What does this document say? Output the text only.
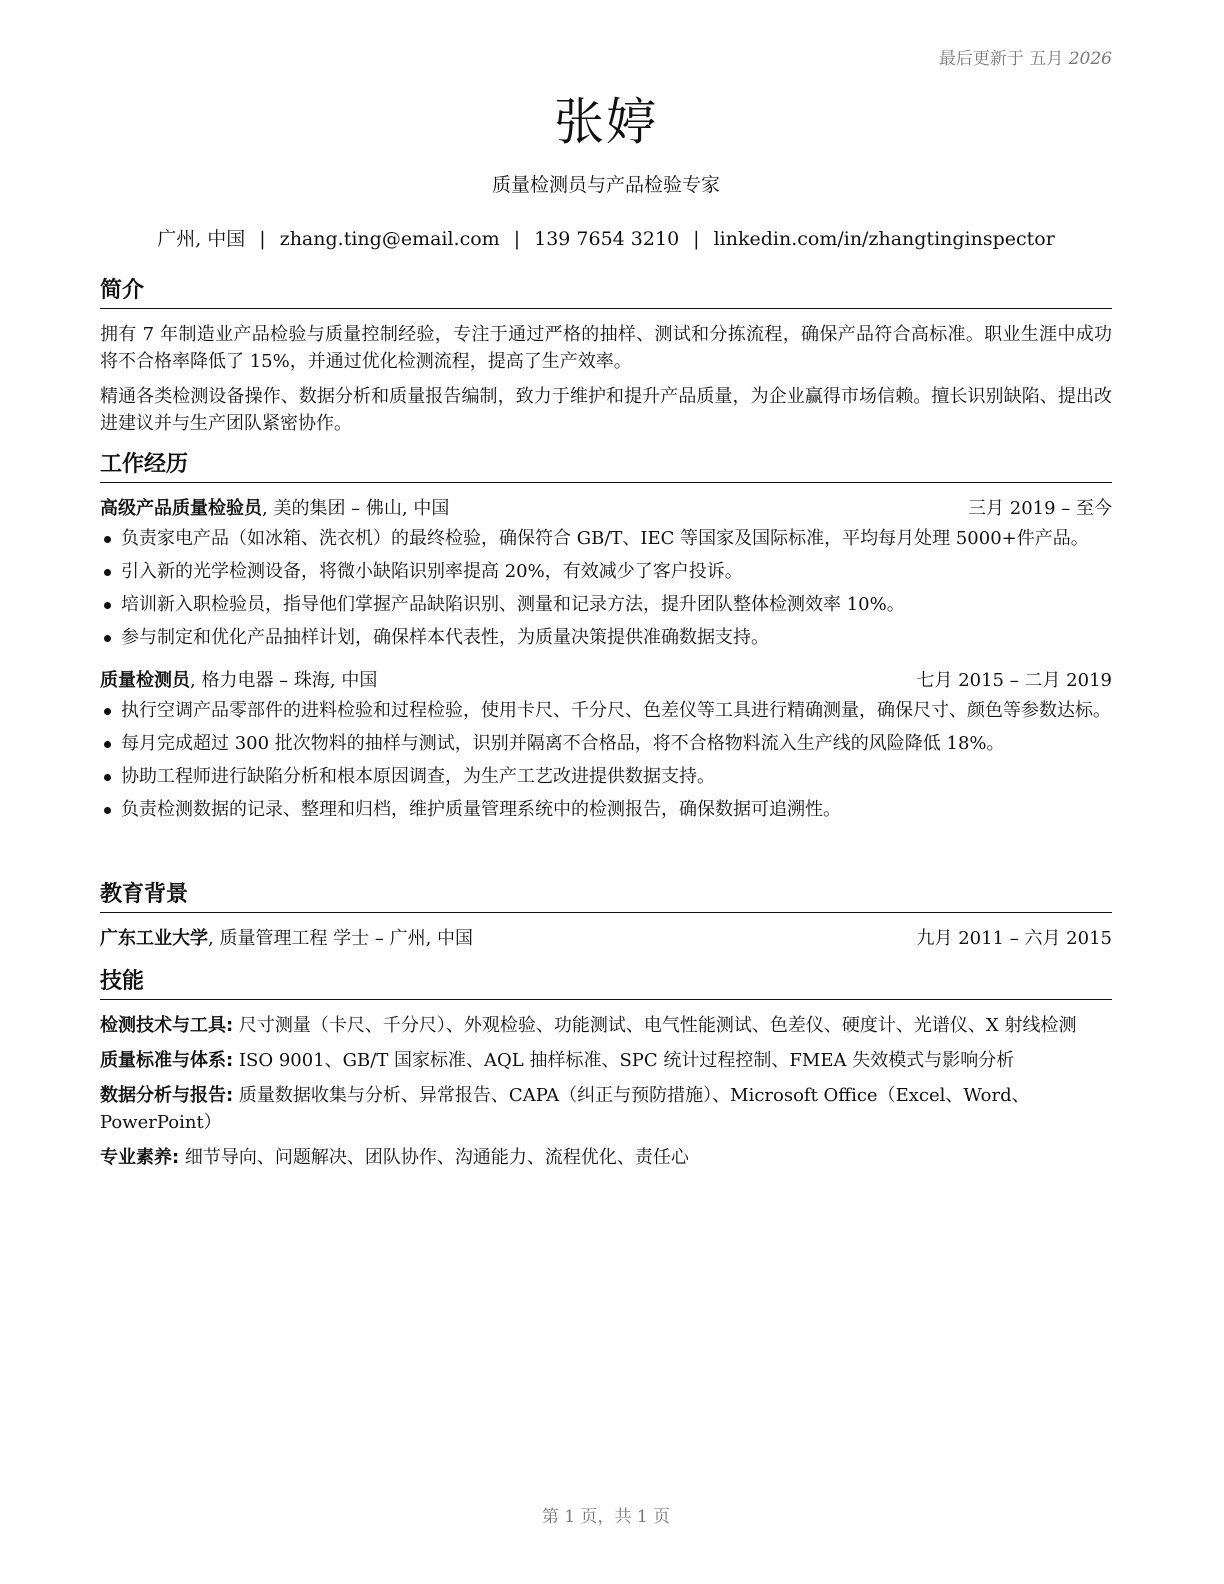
最后更新于 五月 2026
张婷
质量检测员与产品检验专家
广州, 中国 | zhang.ting@email.com | 139 7654 3210 | linkedin.com/in/zhangtinginspector
简介

拥有 7 年制造业产品检验与质量控制经验，专注于通过严格的抽样、测试和分拣流程，确保产品符合高标准。职业生涯中成功将不合格率降低了 15%，并通过优化检测流程，提高了生产效率。

精通各类检测设备操作、数据分析和质量报告编制，致力于维护和提升产品质量，为企业赢得市场信赖。擅长识别缺陷、提出改进建议并与生产团队紧密协作。

工作经历
高级产品质量检验员, 美的集团 – 佛山, 中国	三月 2019 – 至今
负责家电产品（如冰箱、洗衣机）的最终检验，确保符合 GB/T、IEC 等国家及国际标准，平均每月处理 5000+件产品。
引入新的光学检测设备，将微小缺陷识别率提高 20%，有效减少了客户投诉。
培训新入职检验员，指导他们掌握产品缺陷识别、测量和记录方法，提升团队整体检测效率 10%。
参与制定和优化产品抽样计划，确保样本代表性，为质量决策提供准确数据支持。
质量检测员, 格力电器 – 珠海, 中国	七月 2015 – 二月 2019
执行空调产品零部件的进料检验和过程检验，使用卡尺、千分尺、色差仪等工具进行精确测量，确保尺寸、颜色等参数达标。
每月完成超过 300 批次物料的抽样与测试，识别并隔离不合格品，将不合格物料流入生产线的风险降低 18%。
协助工程师进行缺陷分析和根本原因调查，为生产工艺改进提供数据支持。
负责检测数据的记录、整理和归档，维护质量管理系统中的检测报告，确保数据可追溯性。
教育背景
广东工业大学, 质量管理工程 学士 – 广州, 中国	九月 2011 – 六月 2015
技能
检测技术与工具: 尺寸测量（卡尺、千分尺）、外观检验、功能测试、电气性能测试、色差仪、硬度计、光谱仪、X 射线检测
质量标准与体系: ISO 9001、GB/T 国家标准、AQL 抽样标准、SPC 统计过程控制、FMEA 失效模式与影响分析
数据分析与报告: 质量数据收集与分析、异常报告、CAPA（纠正与预防措施）、Microsoft Office（Excel、Word、PowerPoint）
专业素养: 细节导向、问题解决、团队协作、沟通能力、流程优化、责任心
第 1 页，共 1 页
